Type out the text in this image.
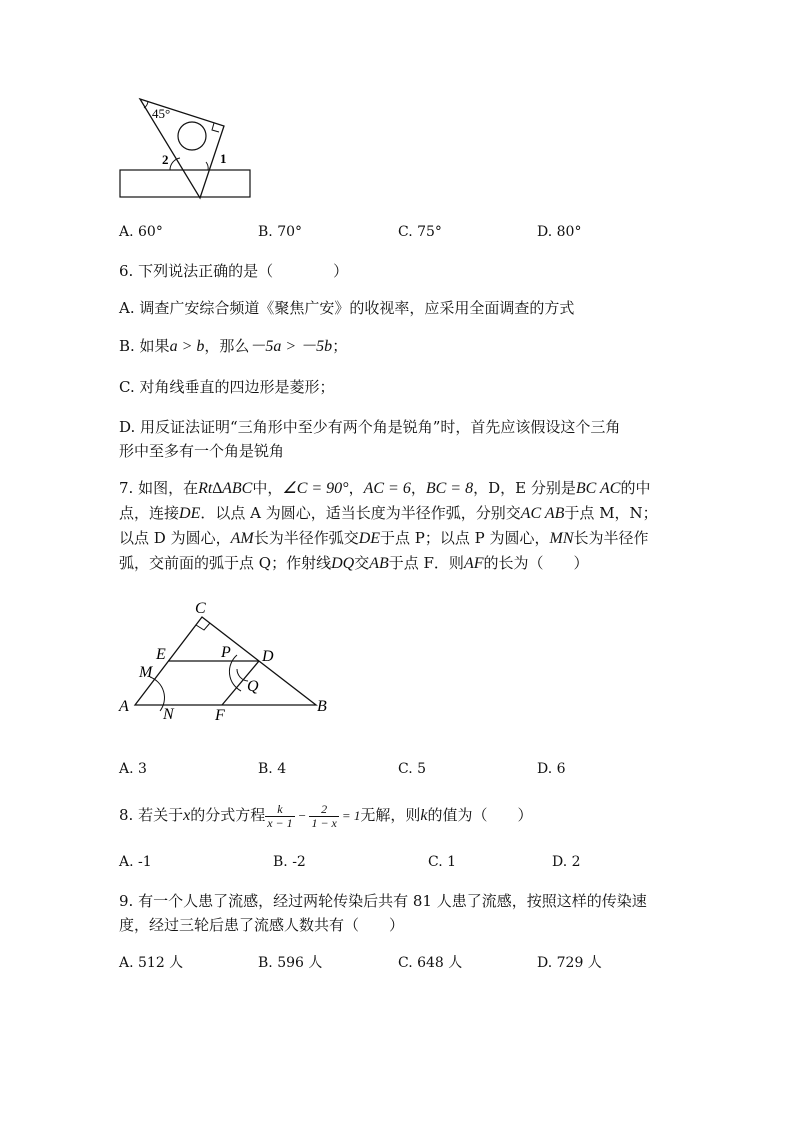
45°
2	1
A. 60°	B. 70°	C. 75°	D. 80°
6. 下列说法正确的是（　　　　）
A. 调查广安综合频道《聚焦广安》的收视率，应采用全面调查的方式
B. 如果a > b，那么－5a > －5b；
C. 对角线垂直的四边形是菱形；
D. 用反证法证明“三角形中至少有两个角是锐角”时，首先应该假设这个三角
形中至多有一个角是锐角
7. 如图，在Rt∆ABC中，∠C = 90°，AC = 6，BC = 8，D，E 分别是BC AC的中
点，连接DE．以点 A 为圆心，适当长度为半径作弧，分别交AC AB于点 M，N；
以点 D 为圆心，AM长为半径作弧交DE于点 P；以点 P 为圆心，MN长为半径作
弧，交前面的弧于点 Q；作射线DQ交AB于点 F．则AF的长为（　　）
C
E	P D
M
Q
A N	F
B
A. 3	B. 4	C. 5	D. 6
8. 若关于x的分式方程 $\frac{k}{x - 1} - \frac{2}{1 - x} = 1$无解，则k的值为（　　）
A. -1	B. -2	C. 1	D. 2
9. 有一个人患了流感，经过两轮传染后共有 81 人患了流感，按照这样的传染速
度，经过三轮后患了流感人数共有（　　）
A. 512 人	B. 596 人	C. 648 人	D. 729 人
